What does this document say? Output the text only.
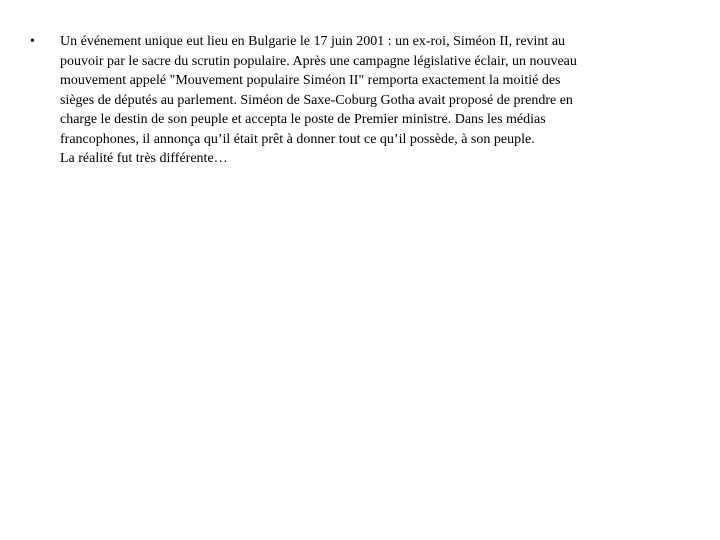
• Un événement unique eut lieu en Bulgarie le 17 juin 2001 : un ex-roi, Siméon II, revint au
pouvoir par le sacre du scrutin populaire. Après une campagne législative éclair, un nouveau
mouvement appelé "Mouvement populaire Siméon II" remporta exactement la moitié des
sièges de députés au parlement. Siméon de Saxe-Coburg Gotha avait proposé de prendre en
charge le destin de son peuple et accepta le poste de Premier ministre. Dans les médias
francophones, il annonça qu’il était prêt à donner tout ce qu’il possède, à son peuple.
La réalité fut très différente…
